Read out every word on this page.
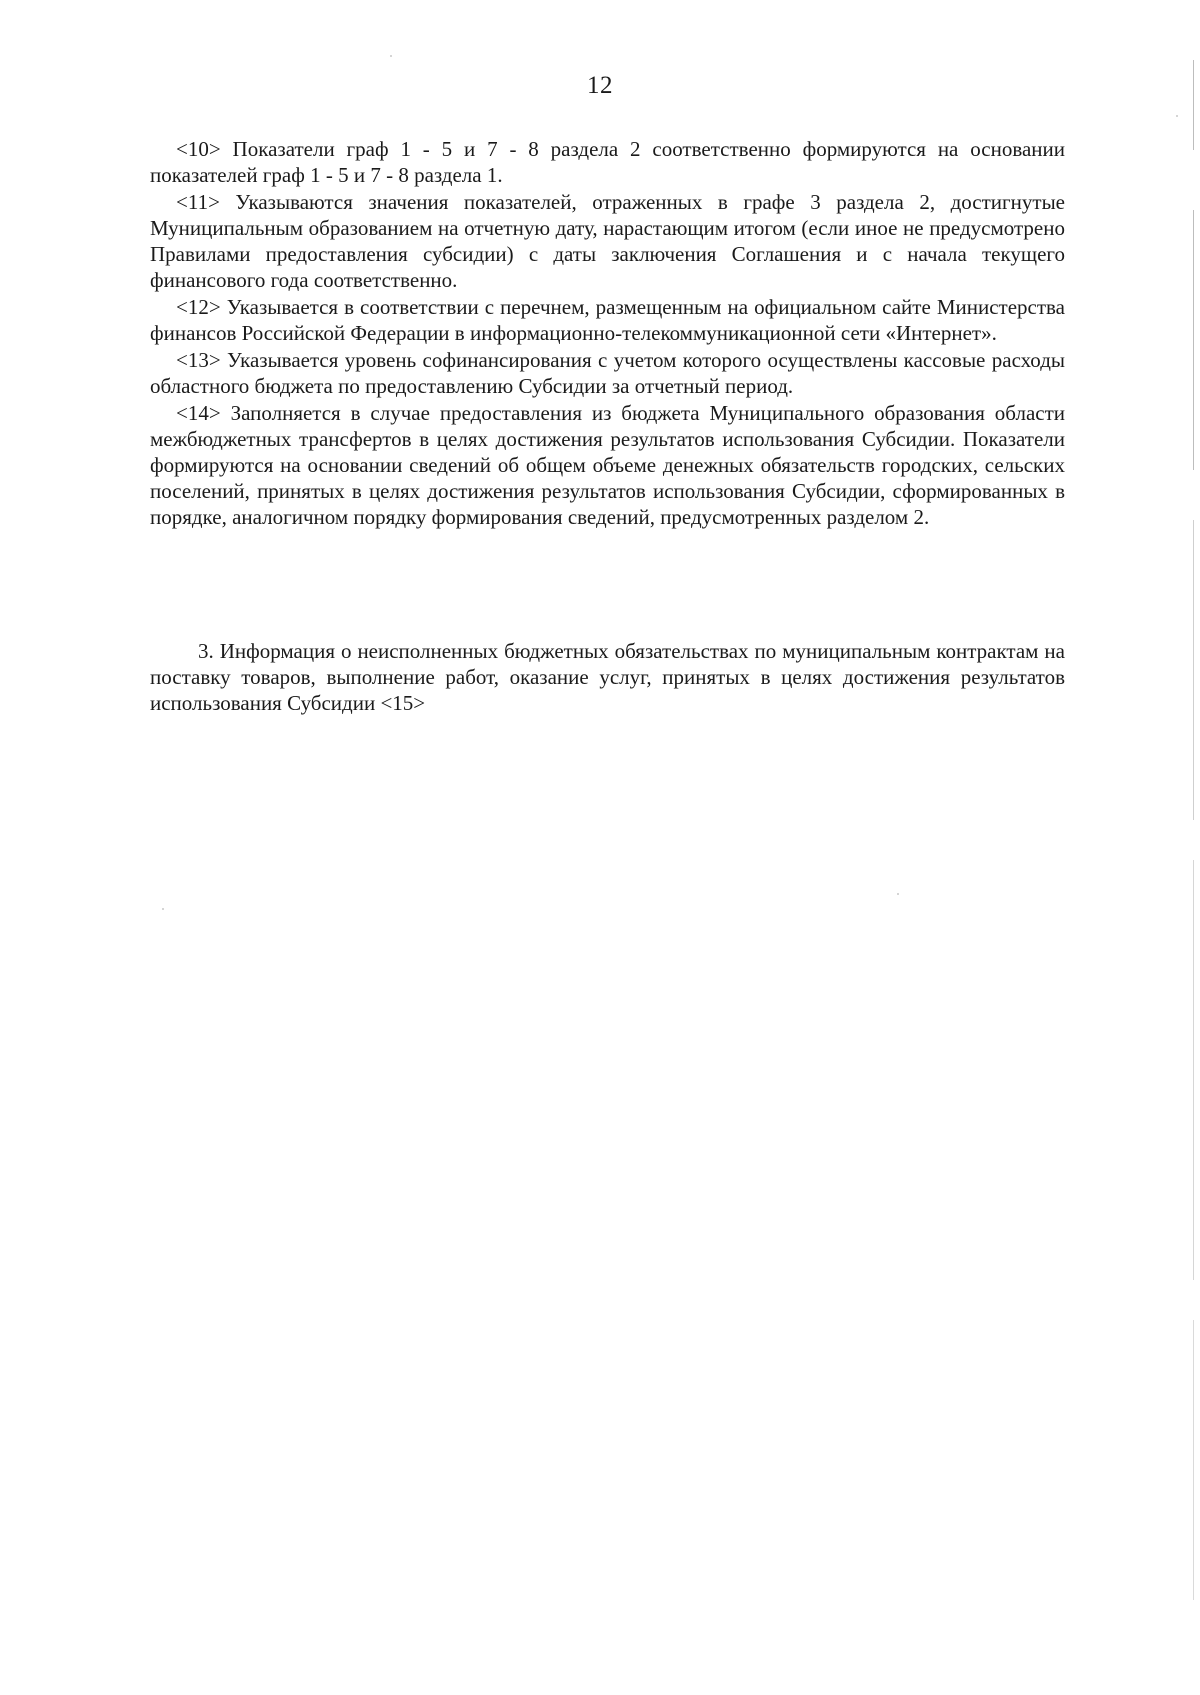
12

<10> Показатели граф 1 - 5 и 7 - 8 раздела 2 соответственно формируются на основании показателей граф 1 - 5 и 7 - 8 раздела 1.

<11> Указываются значения показателей, отраженных в графе 3 раздела 2, достигнутые Муниципальным образованием на отчетную дату, нарастающим итогом (если иное не предусмотрено Правилами предоставления субсидии) с даты заключения Соглашения и с начала текущего финансового года соответственно.

<12> Указывается в соответствии с перечнем, размещенным на официальном сайте Министерства финансов Российской Федерации в информационно-телекоммуникационной сети «Интернет».

<13> Указывается уровень софинансирования с учетом которого осуществлены кассовые расходы областного бюджета по предоставлению Субсидии за отчетный период.

<14> Заполняется в случае предоставления из бюджета Муниципального образования области межбюджетных трансфертов в целях достижения результатов использования Субсидии. Показатели формируются на основании сведений об общем объеме денежных обязательств городских, сельских поселений, принятых в целях достижения результатов использования Субсидии, сформированных в порядке, аналогичном порядку формирования сведений, предусмотренных разделом 2.

3. Информация о неисполненных бюджетных обязательствах по муниципальным контрактам на поставку товаров, выполнение работ, оказание услуг, принятых в целях достижения результатов использования Субсидии <15>
